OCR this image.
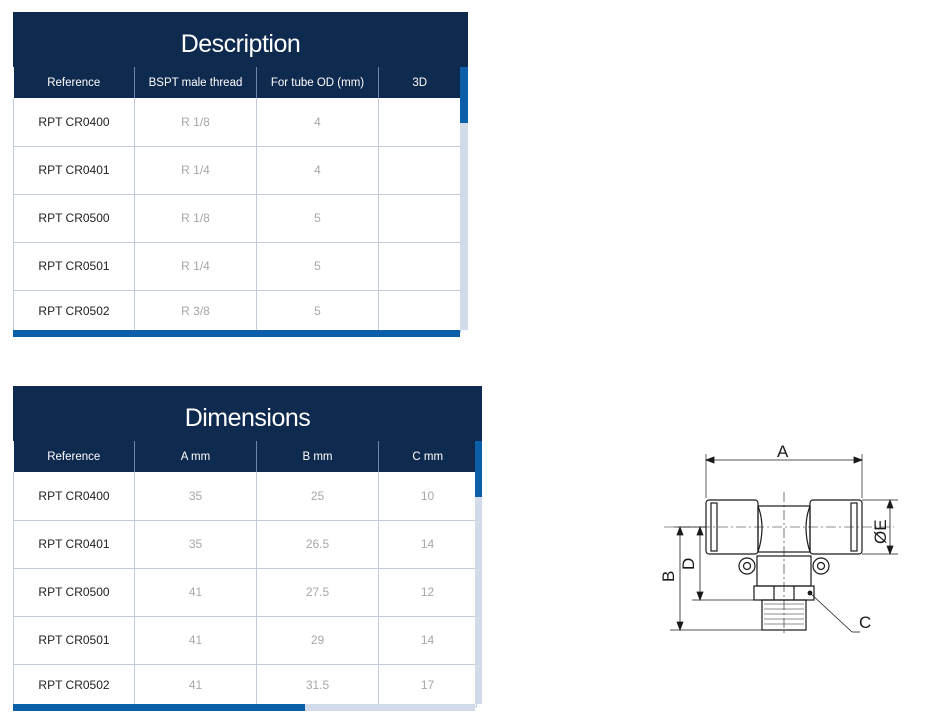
Description
Reference	BSPT male thread	For tube OD (mm)	3D
RPT CR0400	R 1/8	4	
RPT CR0401	R 1/4	4	
RPT CR0500	R 1/8	5	
RPT CR0501	R 1/4	5	
RPT CR0502	R 3/8	5	
Dimensions
Reference	A mm	B mm	C mm
RPT CR0400	35	25	10
RPT CR0401	35	26.5	14
RPT CR0500	41	27.5	12
RPT CR0501	41	29	14
RPT CR0502	41	31.5	17
A
C
ØE
B
D
